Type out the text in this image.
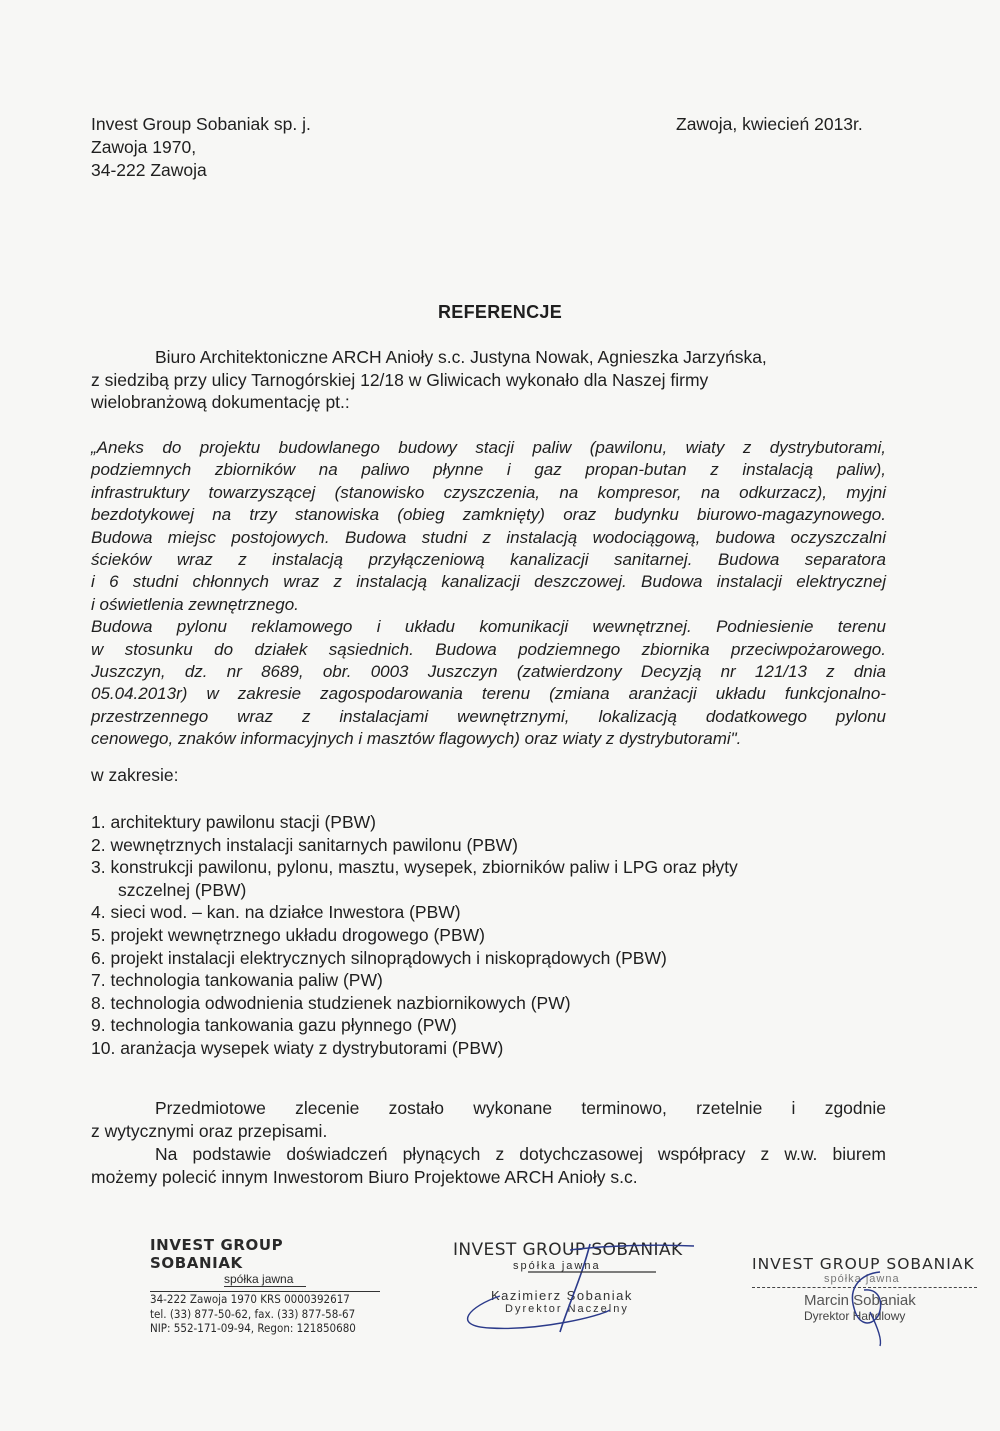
Invest Group Sobaniak sp. j.
Zawoja 1970,
34-222 Zawoja
Zawoja, kwiecień 2013r.
REFERENCJE
Biuro Architektoniczne ARCH Anioły s.c. Justyna Nowak, Agnieszka Jarzyńska,
z siedzibą przy ulicy Tarnogórskiej 12/18 w Gliwicach wykonało dla Naszej firmy
wielobranżową dokumentację pt.:
„Aneks do projektu budowlanego budowy stacji paliw (pawilonu, wiaty z dystrybutorami,
podziemnych zbiorników na paliwo płynne i gaz propan-butan z instalacją paliw),
infrastruktury towarzyszącej (stanowisko czyszczenia, na kompresor, na odkurzacz), myjni
bezdotykowej na trzy stanowiska (obieg zamknięty) oraz budynku biurowo-magazynowego.
Budowa miejsc postojowych. Budowa studni z instalacją wodociągową, budowa oczyszczalni
ścieków wraz z instalacją przyłączeniową kanalizacji sanitarnej. Budowa separatora
i 6 studni chłonnych wraz z instalacją kanalizacji deszczowej. Budowa instalacji elektrycznej
i oświetlenia zewnętrznego.
Budowa pylonu reklamowego i układu komunikacji wewnętrznej. Podniesienie terenu
w stosunku do działek sąsiednich. Budowa podziemnego zbiornika przeciwpożarowego.
Juszczyn, dz. nr 8689, obr. 0003 Juszczyn (zatwierdzony Decyzją nr 121/13 z dnia
05.04.2013r) w zakresie zagospodarowania terenu (zmiana aranżacji układu funkcjonalno-
przestrzennego wraz z instalacjami wewnętrznymi, lokalizacją dodatkowego pylonu
cenowego, znaków informacyjnych i masztów flagowych) oraz wiaty z dystrybutorami".
w zakresie:
1. architektury pawilonu stacji (PBW)
2. wewnętrznych instalacji sanitarnych pawilonu (PBW)
3. konstrukcji pawilonu, pylonu, masztu, wysepek, zbiorników paliw i LPG oraz płyty
szczelnej (PBW)
4. sieci wod. – kan. na działce Inwestora (PBW)
5. projekt wewnętrznego układu drogowego (PBW)
6. projekt instalacji elektrycznych silnoprądowych i niskoprądowych (PBW)
7. technologia tankowania paliw (PW)
8. technologia odwodnienia studzienek nazbiornikowych (PW)
9. technologia tankowania gazu płynnego (PW)
10. aranżacja wysepek wiaty z dystrybutorami (PBW)
Przedmiotowe zlecenie zostało wykonane terminowo, rzetelnie i zgodnie
z wytycznymi oraz przepisami.
Na podstawie doświadczeń płynących z dotychczasowej współpracy z w.w. biurem
możemy polecić innym Inwestorom Biuro Projektowe ARCH Anioły s.c.
INVEST GROUP SOBANIAK
spółka jawna
34-222 Zawoja 1970 KRS 0000392617
tel. (33) 877-50-62, fax. (33) 877-58-67
NIP: 552-171-09-94, Regon: 121850680
INVEST GROUP SOBANIAK
spółka jawna
Kazimierz Sobaniak
Dyrektor Naczelny
INVEST GROUP SOBANIAK
spółka jawna
Marcin Sobaniak
Dyrektor Handlowy
